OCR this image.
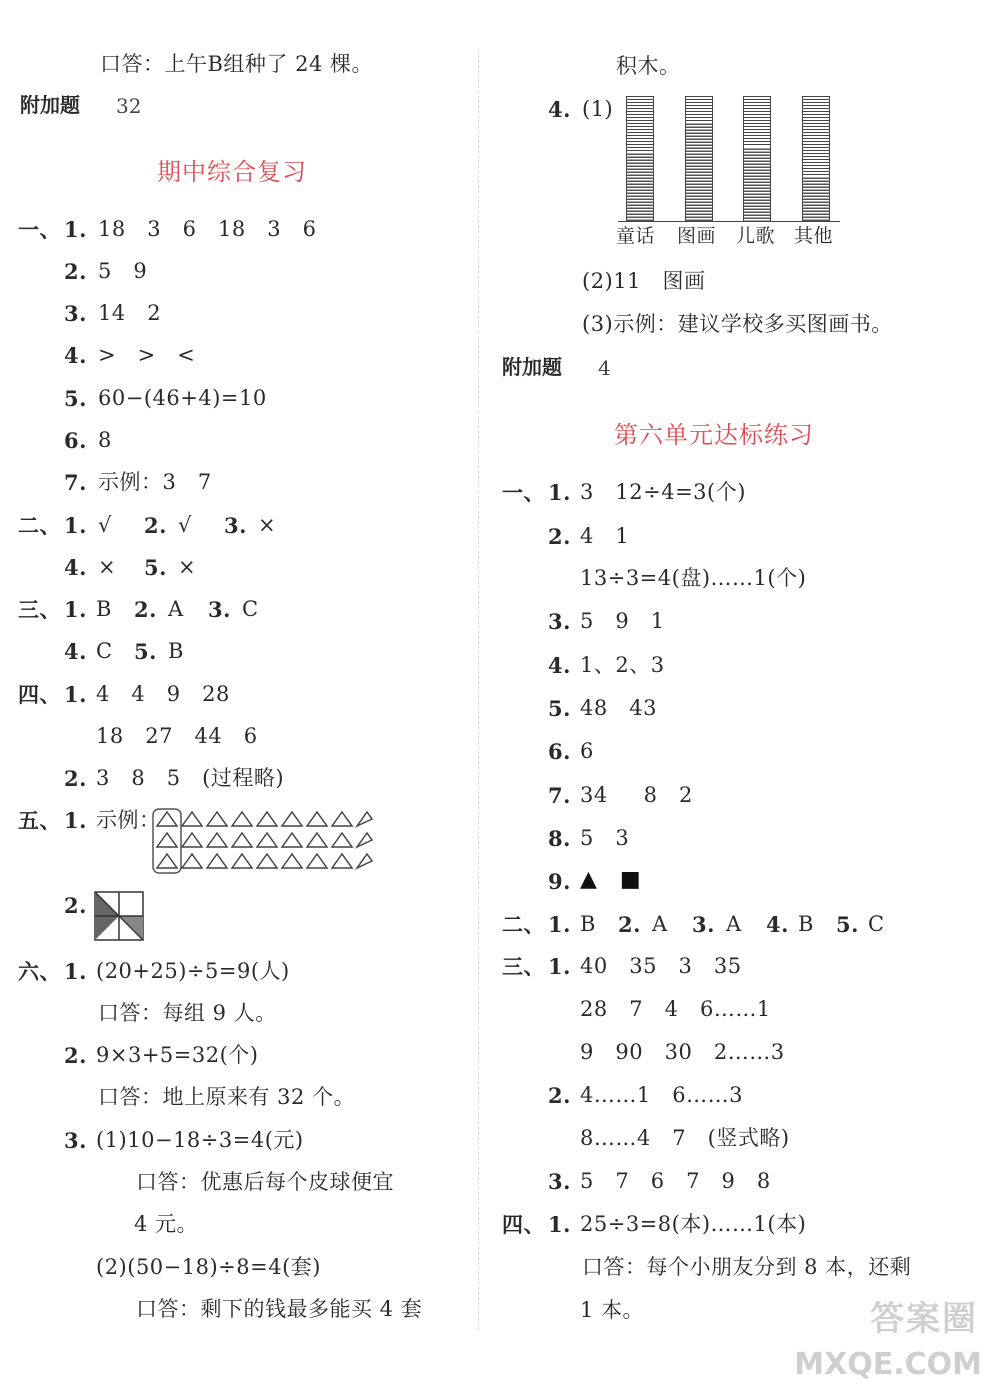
口答：上午B组种了 24 棵。
附加题 32
期中综合复习
一、 1. 18   3   6   18   3   6
2. 5   9
3. 14   2
4. >   >   <
5. 60−(46+4)=10
6. 8
7. 示例：3   7
二、 1. √ 2. √ 3. ×
4. × 5. ×
三、 1. B 2. A 3. C
4. C 5. B
四、 1. 4   4   9   28
18   27   44   6
2. 3   8   5   (过程略)
五、 1. 示例：
2.
六、 1. (20+25)÷5=9(人)
口答：每组 9 人。
2. 9×3+5=32(个)
口答：地上原来有 32 个。
3. (1)10−18÷3=4(元)
口答：优惠后每个皮球便宜
4 元。
(2)(50−18)÷8=4(套)
口答：剩下的钱最多能买 4 套
积木。
4. (1)
童话 图画 儿歌 其他
(2)11   图画
(3)示例：建议学校多买图画书。
附加题 4
第六单元达标练习
一、 1. 3   12÷4=3(个)
2. 4   1
13÷3=4(盘)……1(个)
3. 5   9   1
4. 1、2、3
5. 48   43
6. 6
7. 34     8   2
8. 5   3
9. ▲   ■
二、 1. B 2. A 3. A 4. B 5. C
三、 1. 40   35   3   35
28   7   4   6……1
9   90   30   2……3
2. 4……1   6……3
8……4   7   (竖式略)
3. 5   7   6   7   9   8
四、 1. 25÷3=8(本)……1(本)
口答：每个小朋友分到 8 本，还剩
1 本。	答案圈
MXQE.COM
